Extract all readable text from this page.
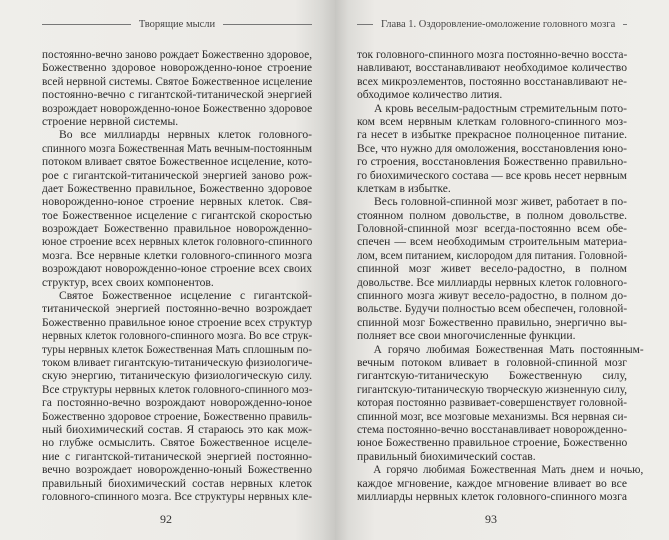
Творящие мысли
постоянно-вечно заново рождает Божественно здоровое,
Божественно здоровое новорожденно-юное строение
всей нервной системы. Святое Божественное исцеление
постоянно-вечно с гигантской-титанической энергией
возрождает новорожденно-юное Божественно здоровое
строение нервной системы.
Во все миллиарды нервных клеток головного-
спинного мозга Божественная Мать вечным-постоянным
потоком вливает святое Божественное исцеление, кото-
рое с гигантской-титанической энергией заново рож-
дает Божественно правильное, Божественно здоровое
новорожденно-юное строение нервных клеток. Свя-
тое Божественное исцеление с гигантской скоростью
возрождает Божественно правильное новорожденно-
юное строение всех нервных клеток головного-спинного
мозга. Все нервные клетки головного-спинного мозга
возрождают новорожденно-юное строение всех своих
структур, всех своих компонентов.
Святое Божественное исцеление с гигантской-
титанической энергией постоянно-вечно возрождает
Божественно правильное юное строение всех структур
нервных клеток головного-спинного мозга. Во все струк-
туры нервных клеток Божественная Мать сплошным по-
током вливает гигантскую-титаническую физиологиче-
скую энергию, титаническую физиологическую силу.
Все структуры нервных клеток головного-спинного моз-
га постоянно-вечно возрождают новорожденно-юное
Божественно здоровое строение, Божественно правиль-
ный биохимический состав. Я стараюсь это как мож-
но глубже осмыслить. Святое Божественное исцеле-
ние с гигантской-титанической энергией постоянно-
вечно возрождает новорожденно-юный Божественно
правильный биохимический состав нервных клеток
головного-спинного мозга. Все структуры нервных кле-
92
Глава 1. Оздоровление-омоложение головного мозга
ток головного-спинного мозга постоянно-вечно восста-
навливают, восстанавливают необходимое количество
всех микроэлементов, постоянно восстанавливают не-
обходимое количество лития.
А кровь веселым-радостным стремительным пото-
ком всем нервным клеткам головного-спинного моз-
га несет в избытке прекрасное полноценное питание.
Все, что нужно для омоложения, восстановления юно-
го строения, восстановления Божественно правильно-
го биохимического состава — все кровь несет нервным
клеткам в избытке.
Весь головной-спинной мозг живет, работает в по-
стоянном полном довольстве, в полном довольстве.
Головной-спинной мозг всегда-постоянно всем обе-
спечен — всем необходимым строительным материа-
лом, всем питанием, кислородом для питания. Головной-
спинной мозг живет весело-радостно, в полном
довольстве. Все миллиарды нервных клеток головного-
спинного мозга живут весело-радостно, в полном до-
вольстве. Будучи полностью всем обеспечен, головной-
спинной мозг Божественно правильно, энергично вы-
полняет все свои многочисленные функции.
А горячо любимая Божественная Мать постоянным-
вечным потоком вливает в головной-спинной мозг
гигантскую-титаническую Божественную силу,
гигантскую-титаническую творческую жизненную силу,
которая постоянно развивает-совершенствует головной-
спинной мозг, все мозговые механизмы. Вся нервная си-
стема постоянно-вечно восстанавливает новорожденно-
юное Божественно правильное строение, Божественно
правильный биохимический состав.
А горячо любимая Божественная Мать днем и ночью,
каждое мгновение, каждое мгновение вливает во все
миллиарды нервных клеток головного-спинного мозга
93
